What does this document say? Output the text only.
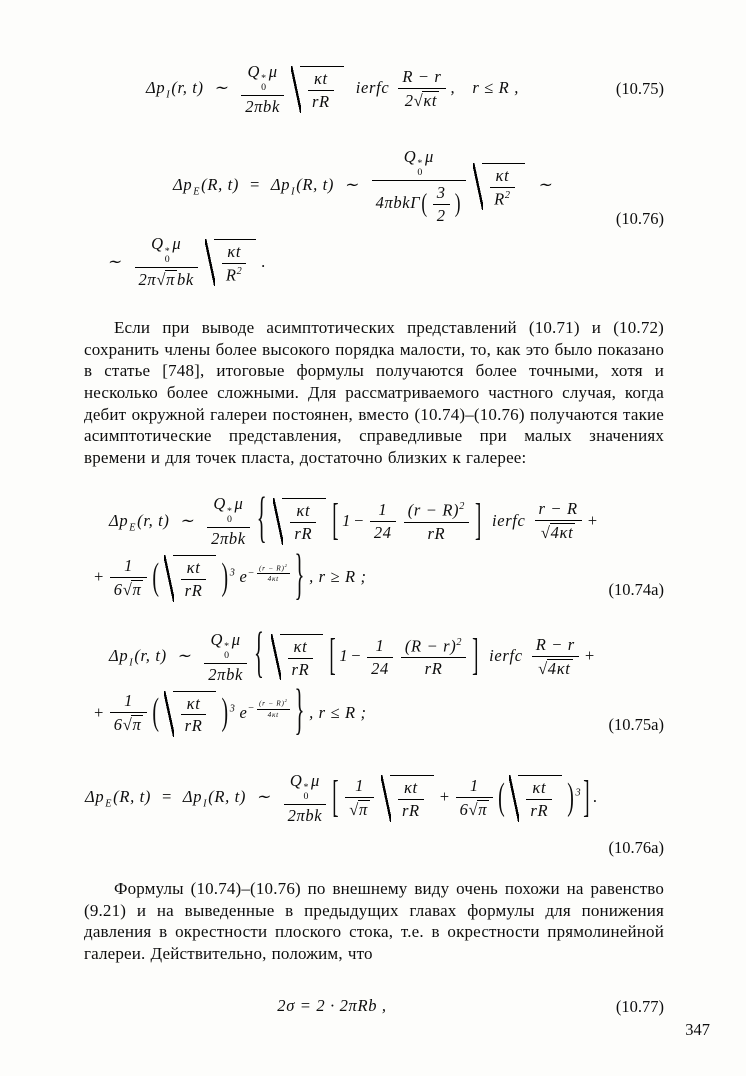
$\Delta p_I(r$, t) ∼ Q *
0
μ
$2\pi bk \frac{\kappa t}{rR}$ ierfc $\frac{R - r}{2√\kappa t}$ , r ≤ R ,	(10.75)
$\Delta p_E(R$, $t) = \Delta p_I(R$, t) ∼ Q *
0
μ
$4\pi bk\Gamma( \frac{3}{2}$ ) $\frac{\kappa t}{R^2}$ ∼
∼ Q *
0
μ
2π√π bk $\frac{\kappa t}{R^2}$ .
(10.76)

Если при выводе асимптотических представлений (10.71) и (10.72) сохранить члены более высокого порядка малости, то, как это было показано в статье [748], итоговые формулы получаются более точными, хотя и несколько более сложными. Для рассматриваемого частного случая, когда дебит окружной галереи постоянен, вместо (10.74)–(10.76) получаются такие асимптотические представления, справедливые при малых значениях времени и для точек пласта, достаточно близких к галерее:

$\Delta p_E(r$, t) ∼ Q *
0
μ
2πbk { $\frac{\kappa t}{rR}$ [ $1 - \frac{1}{24} \frac{(r - R)^2}{rR}$ ] ierfc $\frac{r - R}{√4\kappa t}$ +
+ $\frac{1}{6√\pi}$ ( $\frac{\kappa t}{rR} )^3$ $e^{- \frac{(r - R)^2}{4\kappa t}}$ } , r ≥ R ;
(10.74a)
$\Delta p_I(r$, t) ∼ Q *
0
μ
2πbk { $\frac{\kappa t}{rR}$ [ $1 - \frac{1}{24} \frac{(R - r)^2}{rR}$ ] ierfc $\frac{R - r}{√4\kappa t}$ +
+ $\frac{1}{6√\pi}$ ( $\frac{\kappa t}{rR} )^3$ $e^{- \frac{(r - R)^2}{4\kappa t}}$ } , r ≤ R ;
(10.75a)
$\Delta p_E(R$, $t) = \Delta p_I(R$, t) ∼ Q *
0
μ
2πbk [ $\frac{1}{√\pi} \frac{\kappa t}{rR} + \frac{1}{6√\pi}$ ( $\frac{\kappa t}{rR} )^3$ ] .
(10.76a)

Формулы (10.74)–(10.76) по внешнему виду очень похожи на равенство (9.21) и на выведенные в предыдущих главах формулы для понижения давления в окрестности плоского стока, т.е. в окрестности прямолинейной галереи. Действительно, положим, что

2σ = 2 · 2πRb ,	(10.77)
347
